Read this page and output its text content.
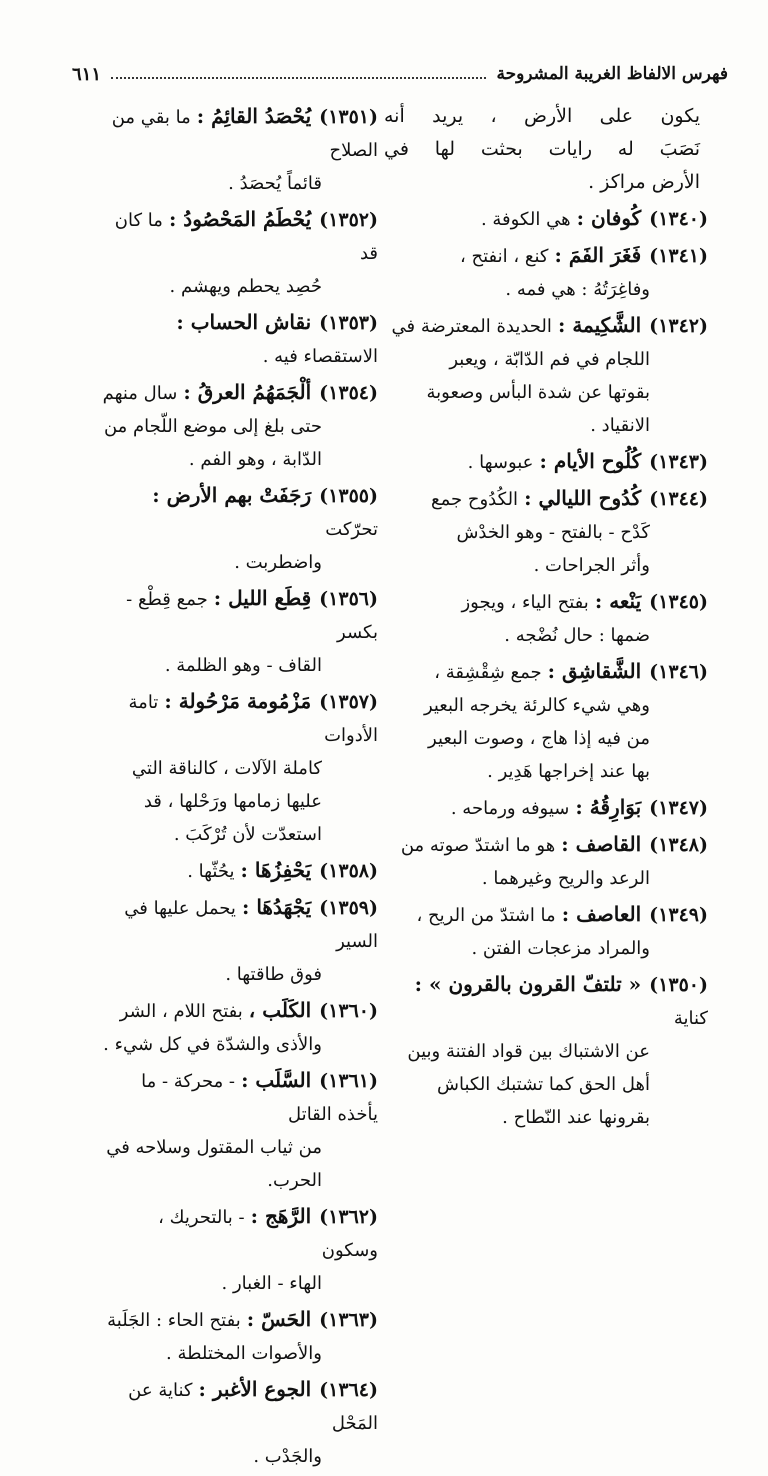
فهرس الالفاظ الغريبة المشروحة
٦١١

يكون على الأرض ، يريد أنه

نَصَبَ له رايات بحثت لها في

الأرض مراكز .

(١٣٤٠)كُوفان : هي الكوفة .

(١٣٤١)فَغَرَ الفَمَ : كنع ، انفتح ،

وفاغِرَتُهُ : هي فمه .

(١٣٤٢)الشَّكِيمة : الحديدة المعترضة في

اللجام في فم الدّابّة ، ويعبر

بقوتها عن شدة البأس وصعوبة

الانقياد .

(١٣٤٣)كُلُوح الأيام : عبوسها .

(١٣٤٤)كُدُوح الليالي : الكُدُوح جمع

كَدْح - بالفتح - وهو الخدْش

وأثر الجراحات .

(١٣٤٥)يَنْعه : بفتح الياء ، ويجوز

ضمها : حال نُضْجه .

(١٣٤٦)الشَّقاشِق : جمع شِقْشِقة ،

وهي شيء كالرئة يخرجه البعير

من فيه إذا هاج ، وصوت البعير

بها عند إخراجها هَدِير .

(١٣٤٧)بَوَارِقُهُ : سيوفه ورماحه .

(١٣٤٨)القاصف : هو ما اشتدّ صوته من

الرعد والريح وغيرهما .

(١٣٤٩)العاصف : ما اشتدّ من الريح ،

والمراد مزعجات الفتن .

(١٣٥٠)« تلتفّ القرون بالقرون » : كناية

عن الاشتباك بين قواد الفتنة وبين

أهل الحق كما تشتبك الكباش

بقرونها عند النّطاح .

(١٣٥١)يُحْصَدُ القائِمُ : ما بقي من الصلاح

قائماً يُحصَدُ .

(١٣٥٢)يُحْطَمُ المَحْصُودُ : ما كان قد

حُصِد يحطم ويهشم .

(١٣٥٣)نقاش الحساب : الاستقصاء فيه .

(١٣٥٤)ألْجَمَهُمُ العرقُ : سال منهم

حتى بلغ إلى موضع اللّجام من

الدّابة ، وهو الفم .

(١٣٥٥)رَجَفَتْ بهم الأرض : تحرّكت

واضطربت .

(١٣٥٦)قِطَع الليل : جمع قِطْع - بكسر

القاف - وهو الظلمة .

(١٣٥٧)مَزْمُومة مَرْحُولة : تامة الأدوات

كاملة الآلات ، كالناقة التي

عليها زمامها ورَحْلها ، قد

استعدّت لأن تُرْكَبَ .

(١٣٥٨)يَحْفِزُهَا : يحُثّها .

(١٣٥٩)يَجْهَدُهَا : يحمل عليها في السير

فوق طاقتها .

(١٣٦٠)الكَلَب ، بفتح اللام ، الشر

والأذى والشدّة في كل شيء .

(١٣٦١)السَّلَب : - محركة - ما يأخذه القاتل

من ثياب المقتول وسلاحه في الحرب.

(١٣٦٢)الرَّهَج : - بالتحريك ، وسكون

الهاء - الغبار .

(١٣٦٣)الحَسّ : بفتح الحاء : الجَلَبة

والأصوات المختلطة .

(١٣٦٤)الجوع الأغبر : كناية عن المَحْل

والجَدْب .
